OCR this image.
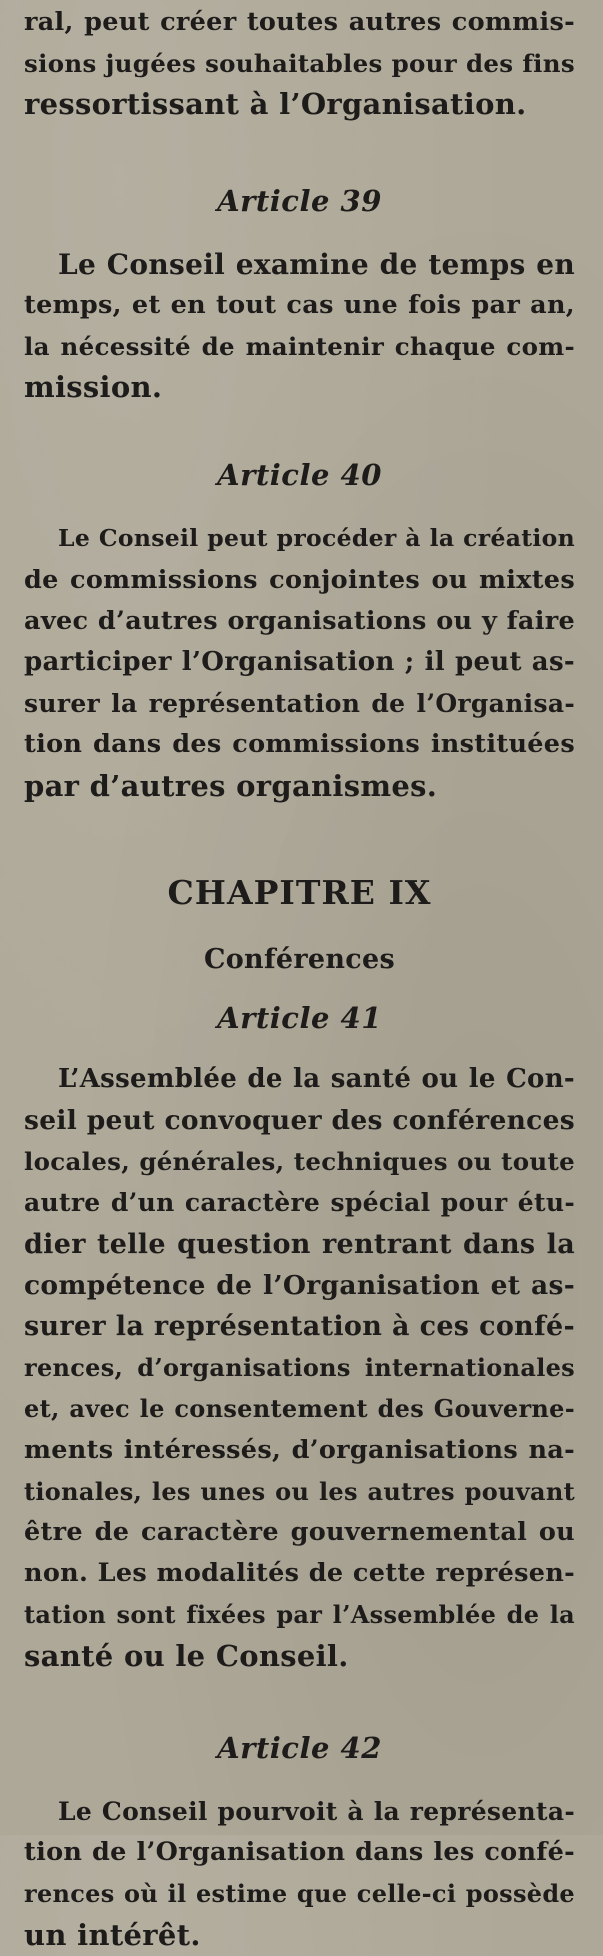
ral, peut créer toutes autres commis-
sions jugées souhaitables pour des fins
ressortissant à l’Organisation.

Article 39

Le Conseil examine de temps en
temps, et en tout cas une fois par an,
la nécessité de maintenir chaque com-
mission.

Article 40

Le Conseil peut procéder à la création
de commissions conjointes ou mixtes
avec d’autres organisations ou y faire
participer l’Organisation ; il peut as-
surer la représentation de l’Organisa-
tion dans des commissions instituées
par d’autres organismes.

CHAPITRE IX
Conférences
Article 41

L’Assemblée de la santé ou le Con-
seil peut convoquer des conférences
locales, générales, techniques ou toute
autre d’un caractère spécial pour étu-
dier telle question rentrant dans la
compétence de l’Organisation et as-
surer la représentation à ces confé-
rences, d’organisations internationales
et, avec le consentement des Gouverne-
ments intéressés, d’organisations na-
tionales, les unes ou les autres pouvant
être de caractère gouvernemental ou
non. Les modalités de cette représen-
tation sont fixées par l’Assemblée de la
santé ou le Conseil.

Article 42

Le Conseil pourvoit à la représenta-
tion de l’Organisation dans les confé-
rences où il estime que celle-ci possède
un intérêt.
